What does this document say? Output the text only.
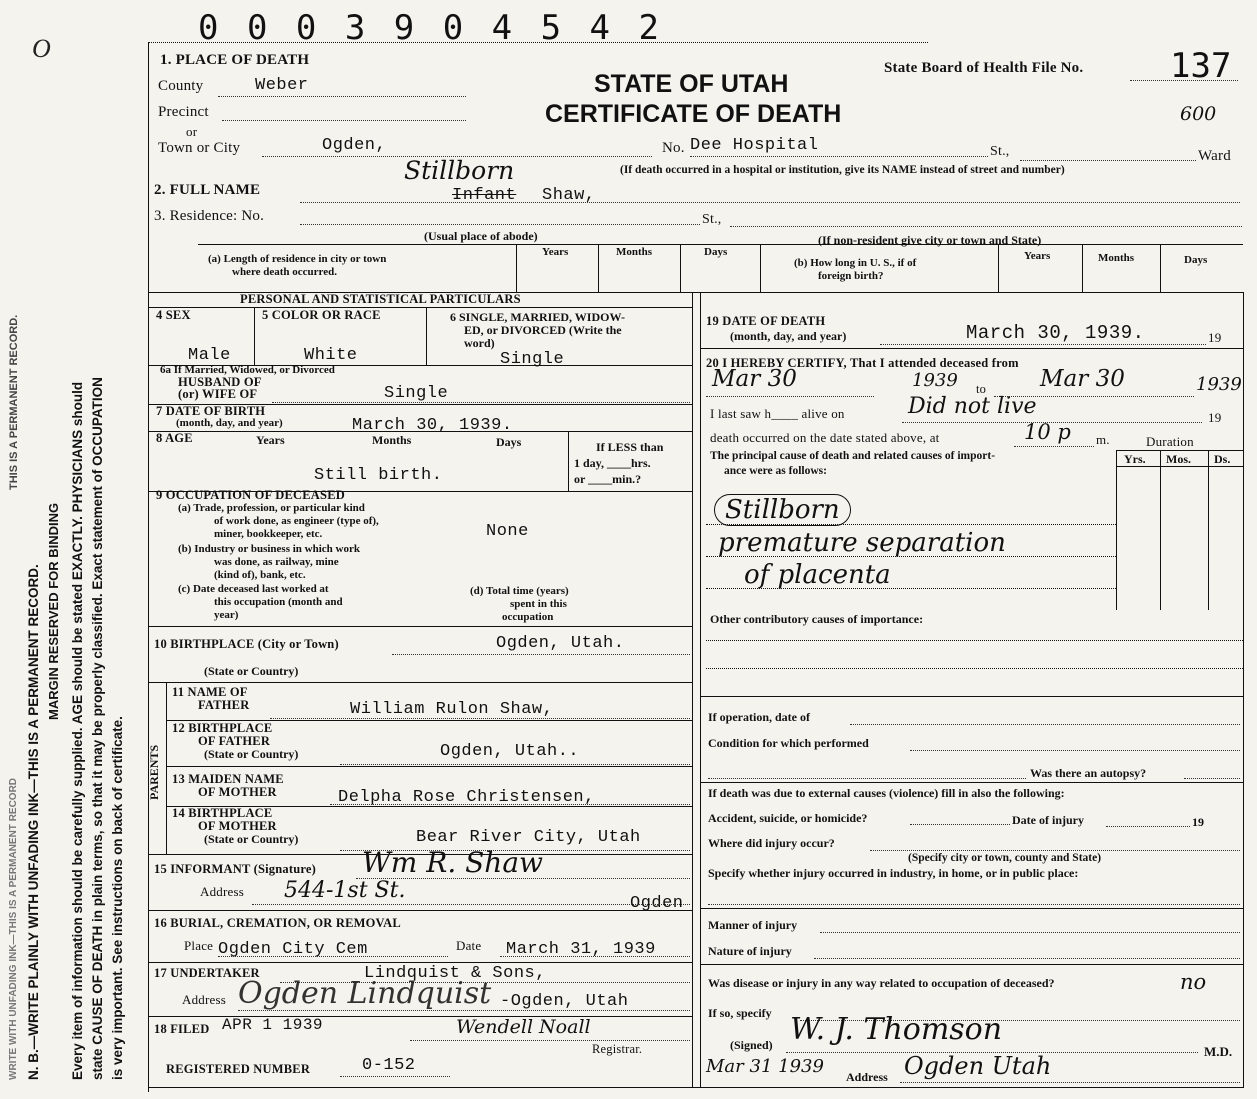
THIS IS A PERMANENT RECORD.
WRITE WITH UNFADING INK—THIS IS A PERMANENT RECORD N. B.—WRITE PLAINLY WITH UNFADING INK—THIS IS A PERMANENT RECORD. MARGIN RESERVED FOR BINDING Every item of information should be carefully supplied. AGE should be stated EXACTLY. PHYSICIANS should state CAUSE OF DEATH in plain terms, so that it may be properly classified. Exact statement of OCCUPATION is very important. See instructions on back of certificate.
O
0 0 0 3 9 0 4 5 4 2
STATE OF UTAH
CERTIFICATE OF DEATH
State Board of Health File No.	137
600
1. PLACE OF DEATH
County	Weber
Precinct
or
Town or City	Ogden,	No. Dee Hospital	St.,	Ward
(If death occurred in a hospital or institution, give its NAME instead of street and number)
2. FULL NAME
Stillborn
Infant Shaw,
3. Residence: No.	St.,
(Usual place of abode)	(If non-resident give city or town and State)
(a) Length of residence in city or town
where death occurred.
Years	Months	Days
(b) How long in U. S., if of
foreign birth?
Years	Months	Days
PERSONAL AND STATISTICAL PARTICULARS
4 SEX	5 COLOR OR RACE	6 SINGLE, MARRIED, WIDOW-
ED, or DIVORCED (Write the
word)
Male	White	Single
6a If Married, Widowed, or Divorced
HUSBAND OF
(or) WIFE OF	Single
7 DATE OF BIRTH
(month, day, and year)	March 30, 1939.
8 AGE	Years	Months	Days	If LESS than
1 day, ____hrs.
or ____min.?
Still birth.
9 OCCUPATION OF DECEASED
(a) Trade, profession, or particular kind
of work done, as engineer (type of),
miner, bookkeeper, etc.	None
(b) Industry or business in which work
was done, as railway, mine
(kind of), bank, etc.
(c) Date deceased last worked at
this occupation (month and
year)
(d) Total time (years)
spent in this
occupation
10 BIRTHPLACE (City or Town)	Ogden, Utah.
(State or Country)
PARENTS
11 NAME OF
FATHER	William Rulon Shaw,
12 BIRTHPLACE
OF FATHER
(State or Country)	Ogden, Utah..
13 MAIDEN NAME
OF MOTHER	Delpha Rose Christensen,
14 BIRTHPLACE
OF MOTHER
(State or Country)	Bear River City, Utah
15 INFORMANT (Signature) Wm R. Shaw
Address 544-1st St.
Ogden
16 BURIAL, CREMATION, OR REMOVAL
Place Ogden City Cem	Date March 31, 1939
17 UNDERTAKER	Lindquist & Sons,
Ogden Lindquist
Address	-Ogden, Utah
18 FILED APR 1 1939	Wendell Noall
Registrar.
REGISTERED NUMBER	0-152
19 DATE OF DEATH
(month, day, and year)	March 30, 1939.	19
20 I HEREBY CERTIFY, That I attended deceased from
Mar 30	1939 to Mar 30	1939
I last saw h____ alive on	Did not live	19
death occurred on the date stated above, at	10 p m.	Duration
The principal cause of death and related causes of import-
ance were as follows:
Yrs. Mos. Ds.
Stillborn
premature separation
of placenta
Other contributory causes of importance:
If operation, date of
Condition for which performed
Was there an autopsy?
If death was due to external causes (violence) fill in also the following:
Accident, suicide, or homicide?	Date of injury	19
Where did injury occur?
(Specify city or town, county and State)
Specify whether injury occurred in industry, in home, or in public place:
Manner of injury
Nature of injury
Was disease or injury in any way related to occupation of deceased?	no
If so, specify
(Signed) W. J. Thomson
M.D.
Mar 31 1939 Address Ogden Utah
